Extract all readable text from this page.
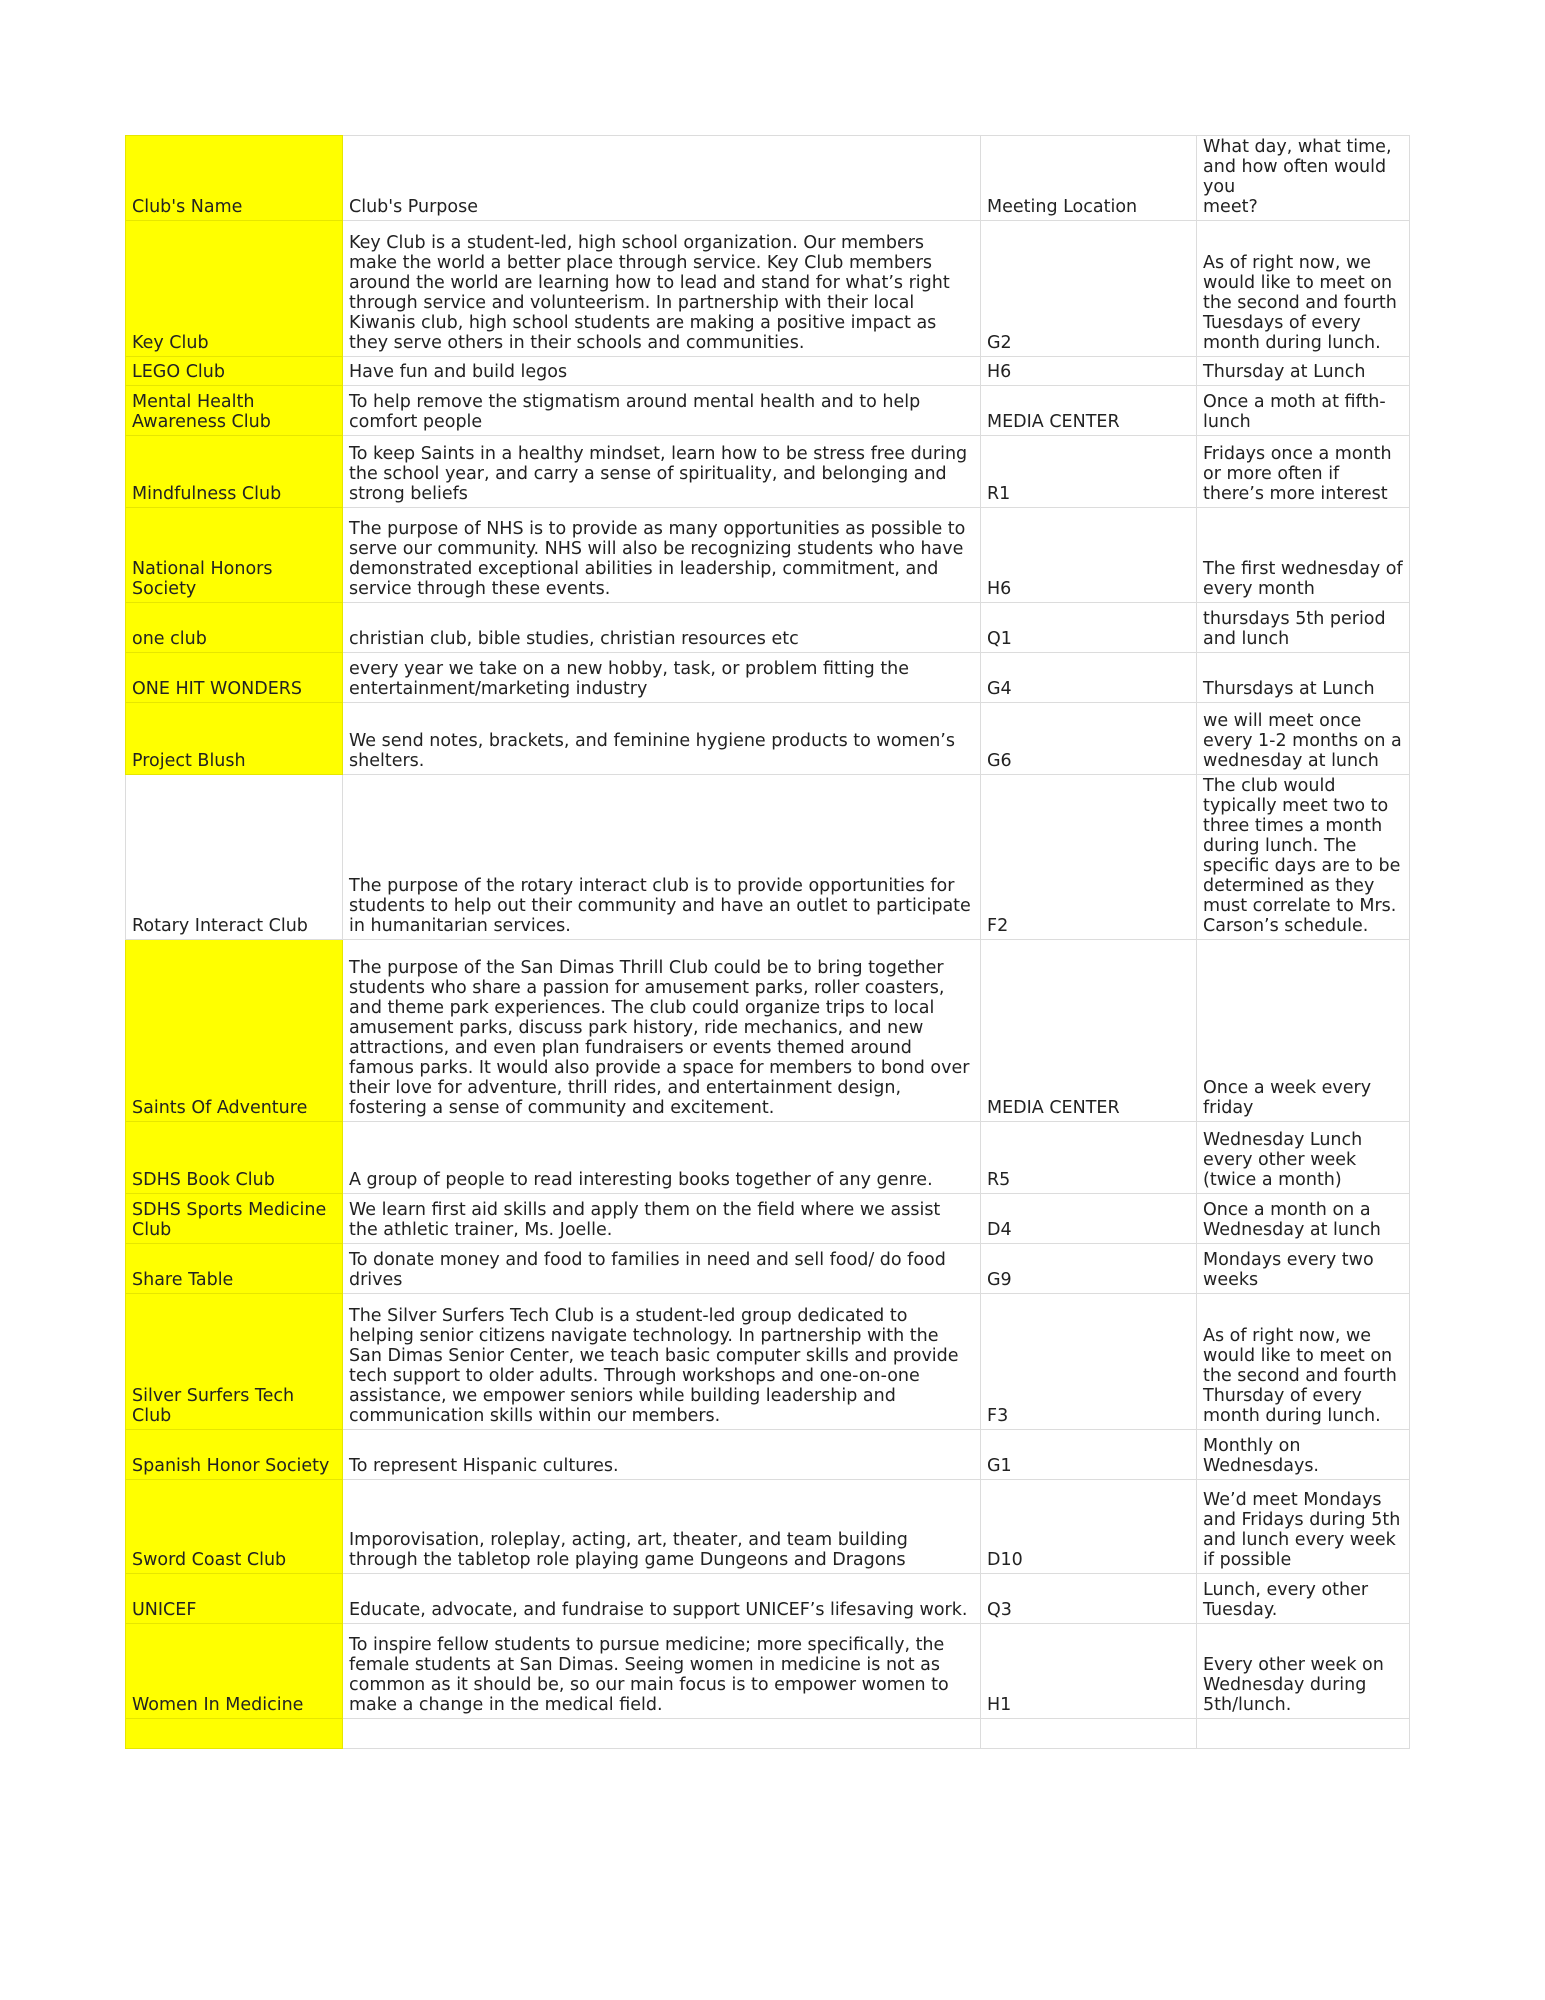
Club's Name	Club's Purpose	Meeting Location	What day, what time,
and how often would you
meet?
Key Club	Key Club is a student-led, high school organization. Our members make the world a better place through service. Key Club members around the world are learning how to lead and stand for what’s right through service and volunteerism. In partnership with their local Kiwanis club, high school students are making a positive impact as they serve others in their schools and communities.	G2	As of right now, we would like to meet on the second and fourth Tuesdays of every month during lunch.
LEGO Club	Have fun and build legos	H6	Thursday at Lunch
Mental Health Awareness Club	To help remove the stigmatism around mental health and to help comfort people	MEDIA CENTER	Once a moth at fifth-lunch
Mindfulness Club	To keep Saints in a healthy mindset, learn how to be stress free during the school year, and carry a sense of spirituality, and belonging and strong beliefs	R1	Fridays once a month or more often if there’s more interest
National Honors Society	The purpose of NHS is to provide as many opportunities as possible to serve our community. NHS will also be recognizing students who have demonstrated exceptional abilities in leadership, commitment, and service through these events.	H6	The first wednesday of every month
one club	christian club, bible studies, christian resources etc	Q1	thursdays 5th period and lunch
ONE HIT WONDERS	every year we take on a new hobby, task, or problem fitting the entertainment/marketing industry	G4	Thursdays at Lunch
Project Blush	We send notes, brackets, and feminine hygiene products to women’s shelters.	G6	we will meet once every 1-2 months on a wednesday at lunch
Rotary Interact Club	The purpose of the rotary interact club is to provide opportunities for students to help out their community and have an outlet to participate in humanitarian services.	F2	The club would typically meet two to three times a month during lunch. The specific days are to be determined as they must correlate to Mrs. Carson’s schedule.
Saints Of Adventure	The purpose of the San Dimas Thrill Club could be to bring together students who share a passion for amusement parks, roller coasters, and theme park experiences. The club could organize trips to local amusement parks, discuss park history, ride mechanics, and new attractions, and even plan fundraisers or events themed around famous parks. It would also provide a space for members to bond over their love for adventure, thrill rides, and entertainment design, fostering a sense of community and excitement.	MEDIA CENTER	Once a week every friday
SDHS Book Club	A group of people to read interesting books together of any genre.	R5	Wednesday Lunch every other week (twice a month)
SDHS Sports Medicine Club	We learn first aid skills and apply them on the field where we assist the athletic trainer, Ms. Joelle.	D4	Once a month on a Wednesday at lunch
Share Table	To donate money and food to families in need and sell food/ do food drives	G9	Mondays every two weeks
Silver Surfers Tech Club	The Silver Surfers Tech Club is a student-led group dedicated to helping senior citizens navigate technology. In partnership with the San Dimas Senior Center, we teach basic computer skills and provide tech support to older adults. Through workshops and one-on-one assistance, we empower seniors while building leadership and communication skills within our members.	F3	As of right now, we would like to meet on the second and fourth Thursday of every month during lunch.
Spanish Honor Society	To represent Hispanic cultures.	G1	Monthly on Wednesdays.
Sword Coast Club	Imporovisation, roleplay, acting, art, theater, and team building through the tabletop role playing game Dungeons and Dragons	D10	We’d meet Mondays and Fridays during 5th and lunch every week if possible
UNICEF	Educate, advocate, and fundraise to support UNICEF’s lifesaving work.	Q3	Lunch, every other Tuesday.
Women In Medicine	To inspire fellow students to pursue medicine; more specifically, the female students at San Dimas. Seeing women in medicine is not as common as it should be, so our main focus is to empower women to make a change in the medical field.	H1	Every other week on Wednesday during 5th/lunch.
